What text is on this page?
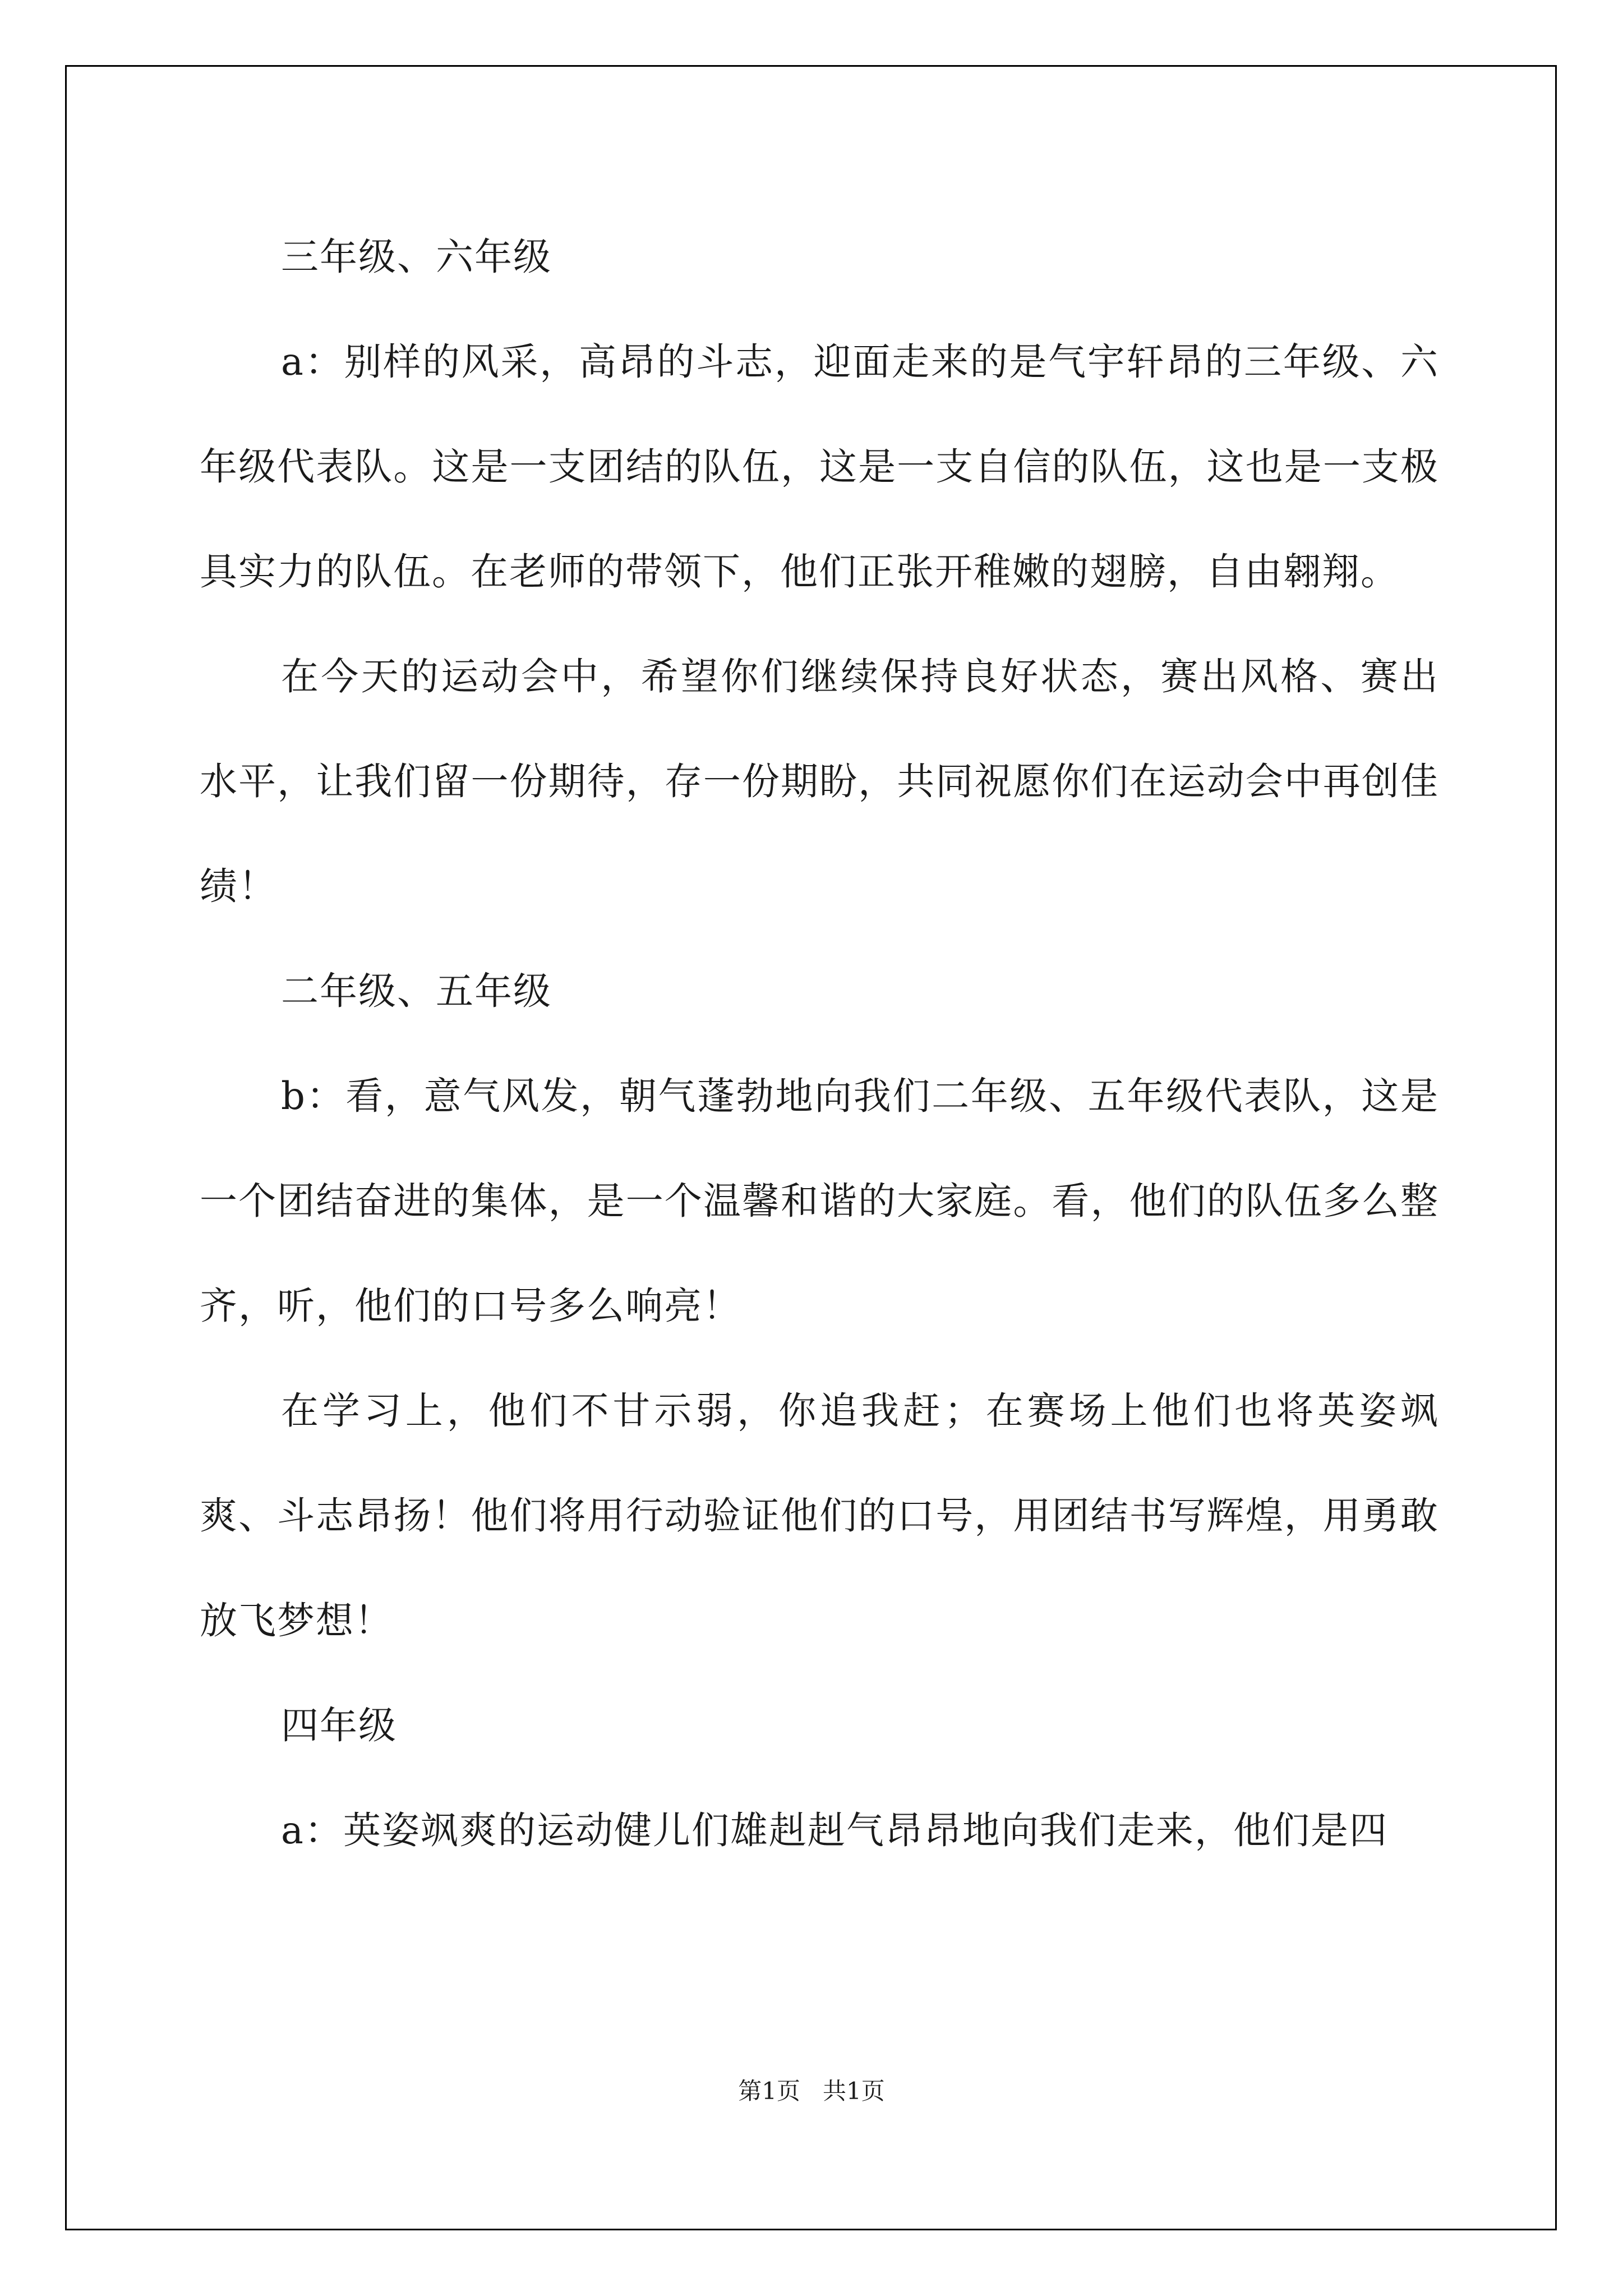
三年级、六年级

a：别样的风采，高昂的斗志，迎面走来的是气宇轩昂的三年级、六年级代表队。这是一支团结的队伍，这是一支自信的队伍，这也是一支极具实力的队伍。在老师的带领下，他们正张开稚嫩的翅膀，自由翱翔。

在今天的运动会中，希望你们继续保持良好状态，赛出风格、赛出水平，让我们留一份期待，存一份期盼，共同祝愿你们在运动会中再创佳绩！

二年级、五年级

b：看，意气风发，朝气蓬勃地向我们二年级、五年级代表队，这是一个团结奋进的集体，是一个温馨和谐的大家庭。看，他们的队伍多么整齐，听，他们的口号多么响亮！

在学习上，他们不甘示弱，你追我赶；在赛场上他们也将英姿飒爽、斗志昂扬！他们将用行动验证他们的口号，用团结书写辉煌，用勇敢放飞梦想！

四年级

a：英姿飒爽的运动健儿们雄赳赳气昂昂地向我们走来，他们是四

第1页 共1页
